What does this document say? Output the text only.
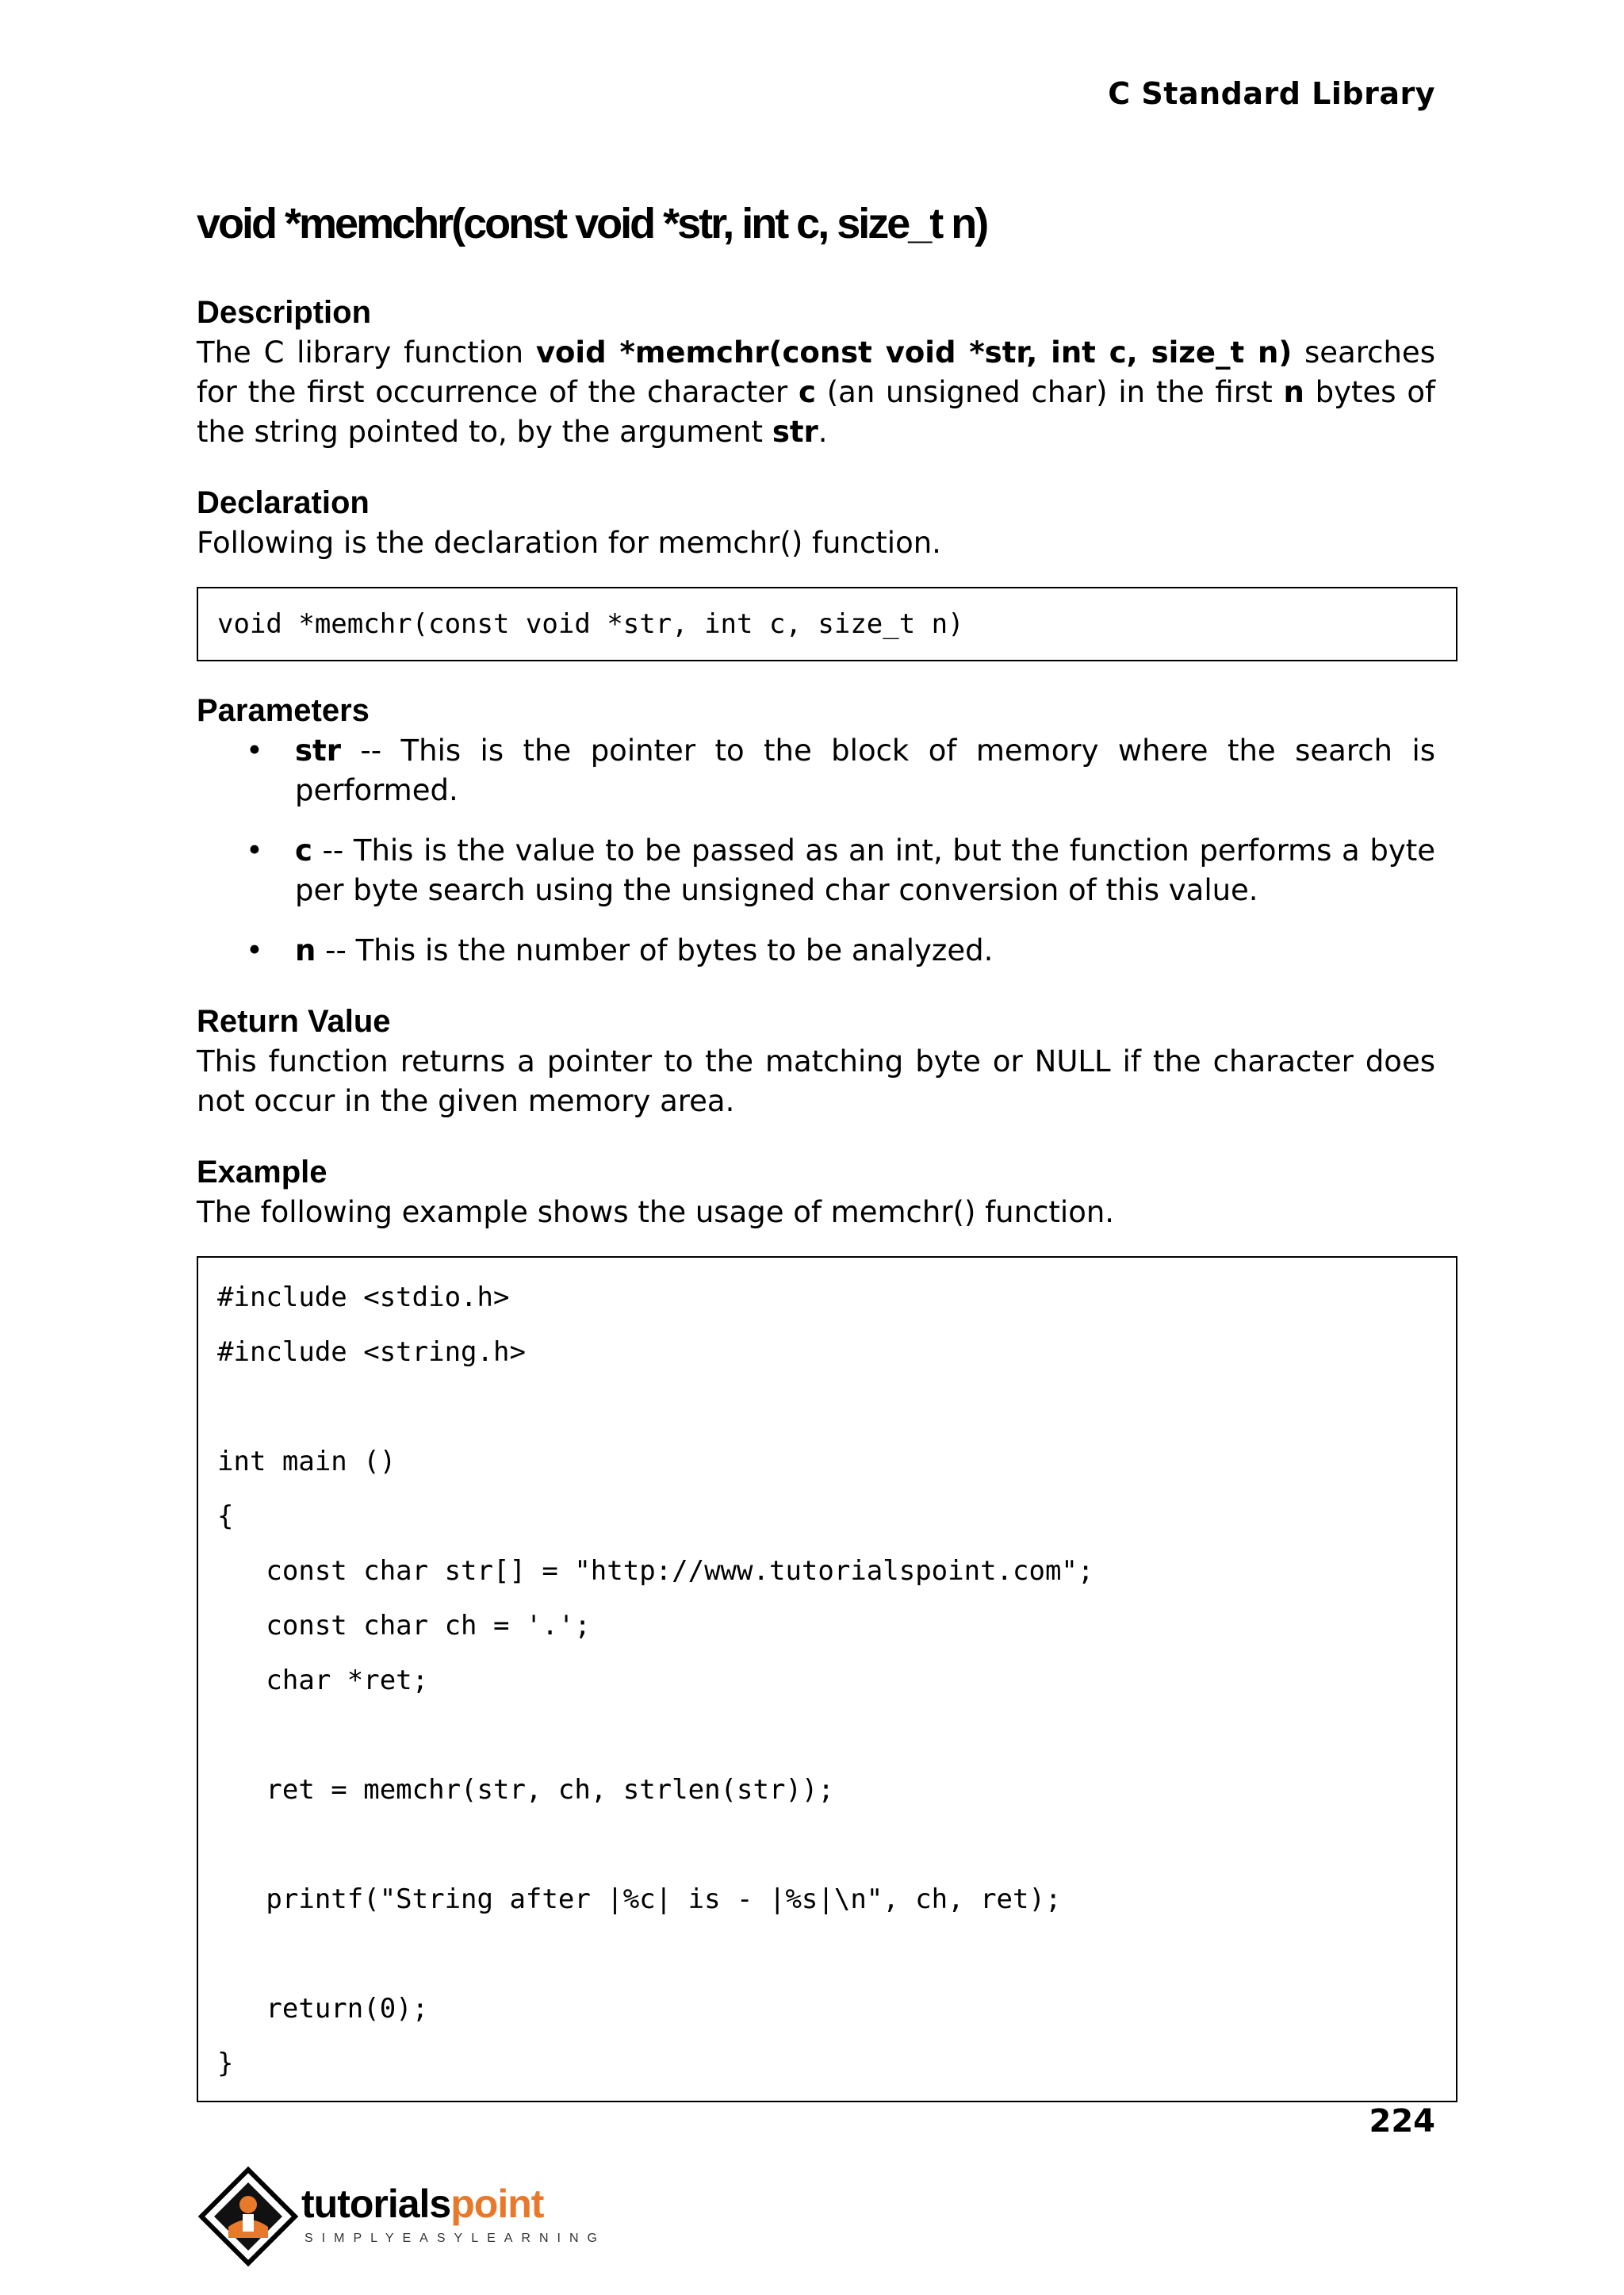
C Standard Library
void *memchr(const void *str, int c, size_t n)
Description

The C library function void *memchr(const void *str, int c, size_t n) searches for the first occurrence of the character c (an unsigned char) in the first n bytes of the string pointed to, by the argument str.

Declaration

Following is the declaration for memchr() function.

void *memchr(const void *str, int c, size_t n)
Parameters
• str -- This is the pointer to the block of memory where the search is performed.
• c -- This is the value to be passed as an int, but the function performs a byte per byte search using the unsigned char conversion of this value.
• n -- This is the number of bytes to be analyzed.
Return Value

This function returns a pointer to the matching byte or NULL if the character does not occur in the given memory area.

Example

The following example shows the usage of memchr() function.

#include <stdio.h>
#include <string.h>
int main ()
{
const char str[] = "http://www.tutorialspoint.com";
const char ch = '.';
char *ret;
ret = memchr(str, ch, strlen(str));
printf("String after |%c| is - |%s|\n", ch, ret);
return(0);
}
224
tutorialspoint
SIMPLYEASYLEARNING
